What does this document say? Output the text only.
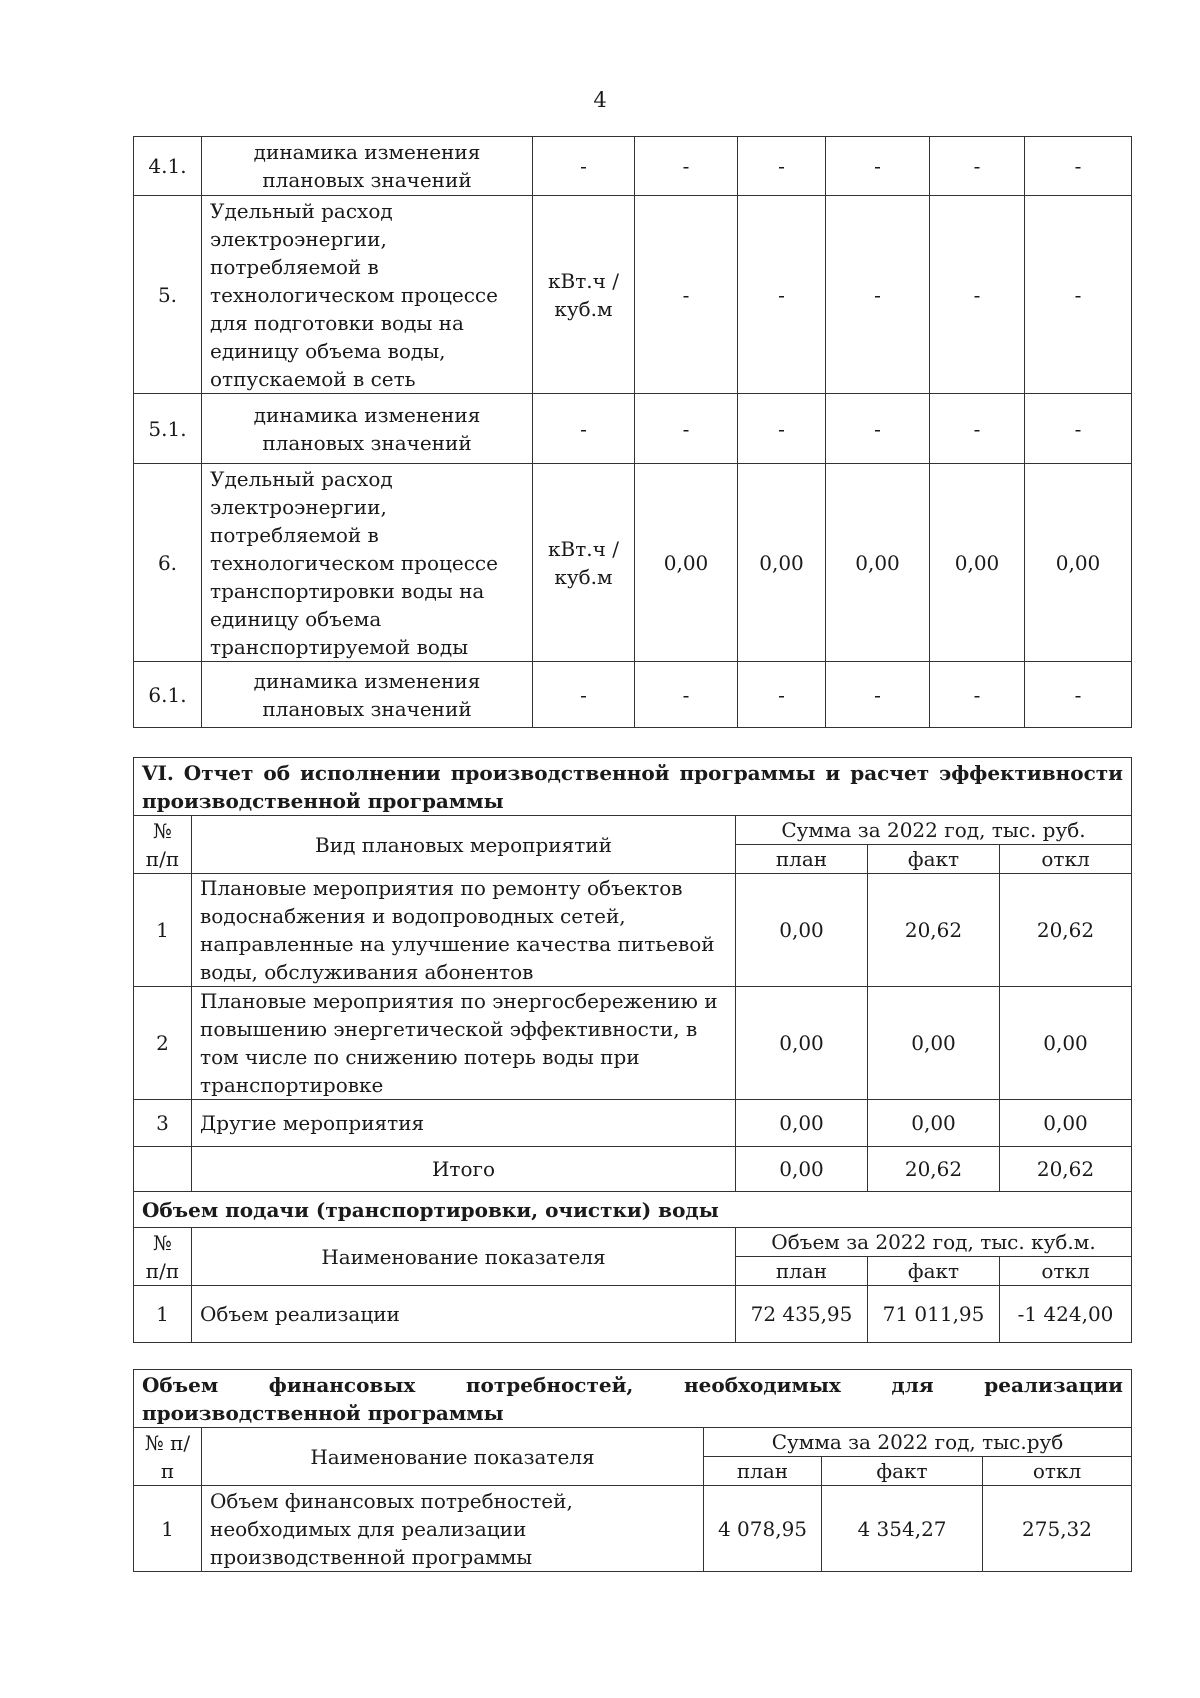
4
4.1.	динамика изменения плановых значений	-	-	-	-	-	-
5.	Удельный расход электроэнергии, потребляемой в технологическом процессе для подготовки воды на единицу объема воды, отпускаемой в сеть	кВт.ч / куб.м	-	-	-	-	-
5.1.	динамика изменения плановых значений	-	-	-	-	-	-
6.	Удельный расход электроэнергии, потребляемой в технологическом процессе транспортировки воды на единицу объема транспортируемой воды	кВт.ч / куб.м	0,00	0,00	0,00	0,00	0,00
6.1.	динамика изменения плановых значений	-	-	-	-	-	-
VI. Отчет об исполнении производственной программы и расчет эффективности производственной программы				
№ п/п	Вид плановых мероприятий	Сумма за 2022 год, тыс. руб.		
		план	факт	откл
1	Плановые мероприятия по ремонту объектов водоснабжения и водопроводных сетей, направленные на улучшение качества питьевой воды, обслуживания абонентов	0,00	20,62	20,62
2	Плановые мероприятия по энергосбережению и повышению энергетической эффективности, в том числе по снижению потерь воды при транспортировке	0,00	0,00	0,00
3	Другие мероприятия	0,00	0,00	0,00
	Итого	0,00	20,62	20,62
Объем подачи (транспортировки, очистки) воды				
№ п/п	Наименование показателя	Объем за 2022 год, тыс. куб.м.		
		план	факт	откл
1	Объем реализации	72 435,95	71 011,95	-1 424,00
Объем финансовых потребностей, необходимых для реализации производственной программы				
№ п/п	Наименование показателя	Сумма за 2022 год, тыс.руб		
		план	факт	откл
1	Объем финансовых потребностей, необходимых для реализации производственной программы	4 078,95	4 354,27	275,32
